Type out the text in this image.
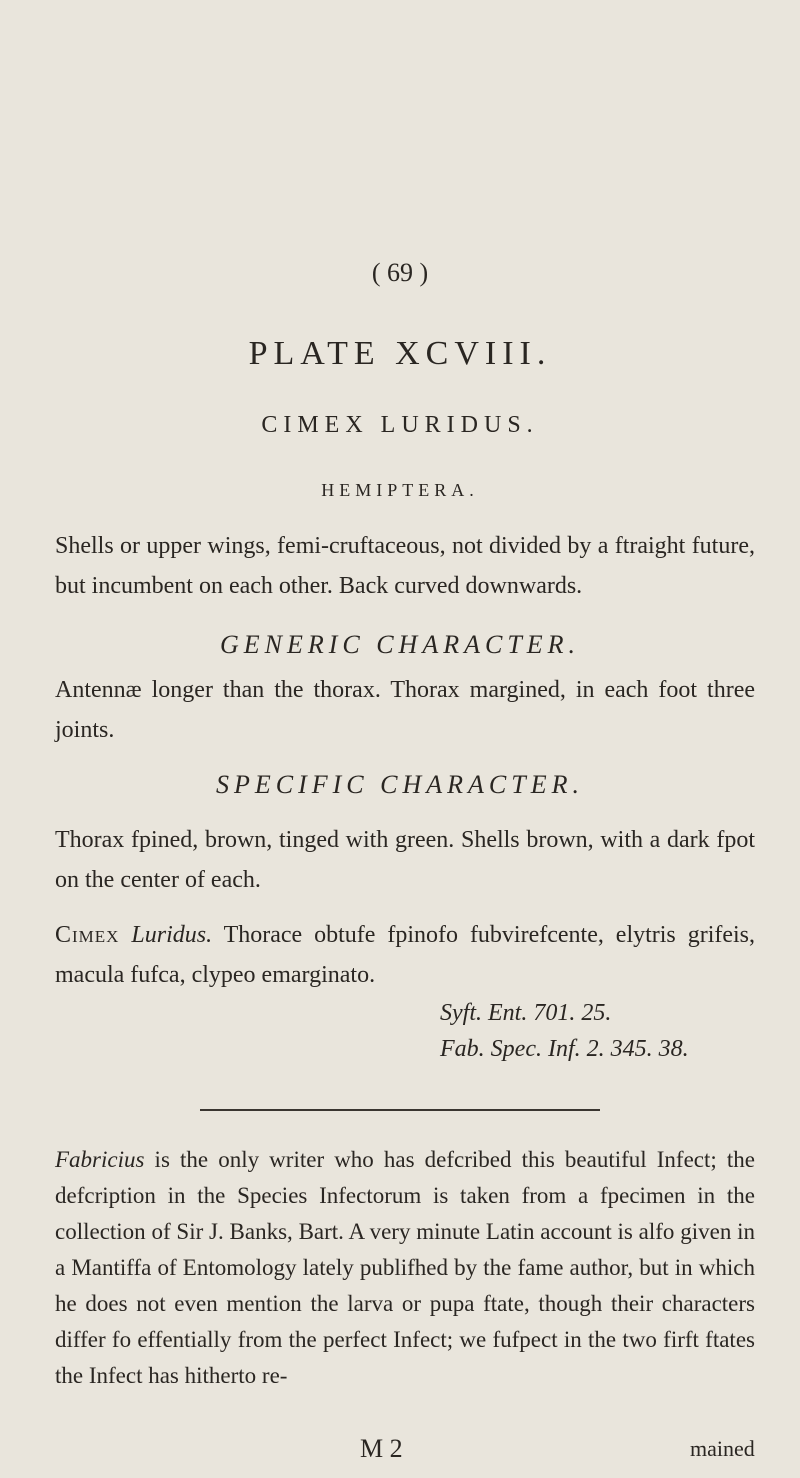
( 69 )

PLATE XCVIII.
CIMEX LURIDUS.

HEMIPTERA.

Shells or upper wings, femi-cruftaceous, not divided by a ftraight future, but incumbent on each other. Back curved downwards.

GENERIC CHARACTER.

Antennæ longer than the thorax. Thorax margined, in each foot three joints.

SPECIFIC CHARACTER.

Thorax fpined, brown, tinged with green. Shells brown, with a dark fpot on the center of each.

Cimex Luridus. Thorace obtufe fpinofo fubvirefcente, elytris grifeis, macula fufca, clypeo emarginato.

Syft. Ent. 701. 25.
Fab. Spec. Inf. 2. 345. 38.

Fabricius is the only writer who has defcribed this beautiful Infect; the defcription in the Species Infectorum is taken from a fpecimen in the collection of Sir J. Banks, Bart. A very minute Latin account is alfo given in a Mantiffa of Entomology lately publifhed by the fame author, but in which he does not even mention the larva or pupa ftate, though their characters differ fo effentially from the perfect Infect; we fufpect in the two firft ftates the Infect has hitherto re-

M 2	mained
